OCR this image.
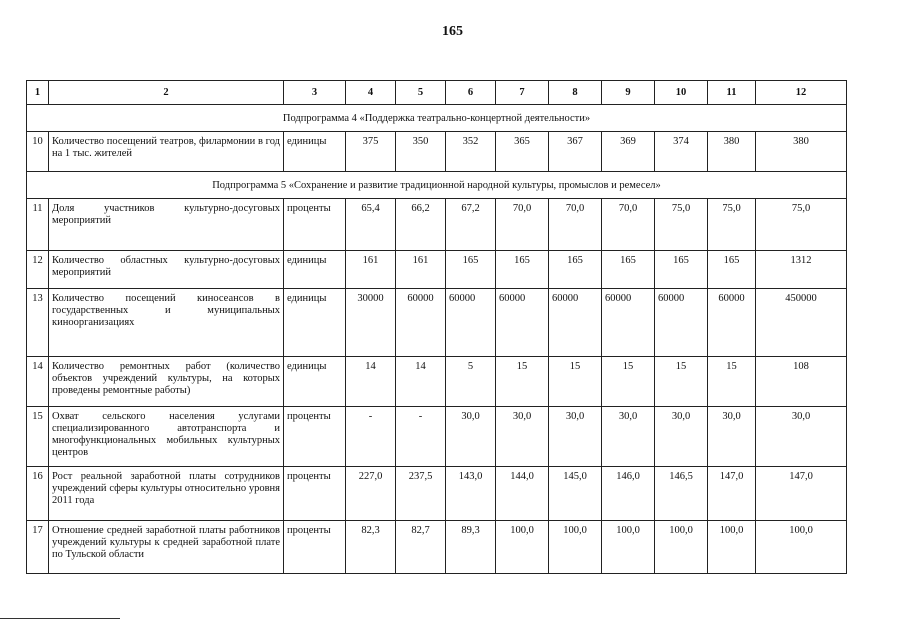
165
1	2	3	4	5	6	7	8	9	10	11	12
Подпрограмма 4 «Поддержка театрально-концертной деятельности»											
10	Количество посещений театров, филармонии в год на 1 тыс. жителей	единицы	375	350	352	365	367	369	374	380	380
Подпрограмма 5 «Сохранение и развитие традиционной народной культуры, промыслов и ремесел»											
11	Доля участников культурно-досуговых мероприятий	проценты	65,4	66,2	67,2	70,0	70,0	70,0	75,0	75,0	75,0
12	Количество областных культурно-досуговых мероприятий	единицы	161	161	165	165	165	165	165	165	1312
13	Количество посещений киносеансов в государственных и муниципальных киноорганизациях	единицы	30000	60000	60000	60000	60000	60000	60000	60000	450000
14	Количество ремонтных работ (количество объектов учреждений культуры, на которых проведены ремонтные работы)	единицы	14	14	5	15	15	15	15	15	108
15	Охват сельского населения услугами специализированного автотранспорта и многофункциональных мобильных культурных центров	проценты	-	-	30,0	30,0	30,0	30,0	30,0	30,0	30,0
16	Рост реальной заработной платы сотрудников учреждений сферы культуры относительно уровня 2011 года	проценты	227,0	237,5	143,0	144,0	145,0	146,0	146,5	147,0	147,0
17	Отношение средней заработной платы работников учреждений культуры к средней заработной плате по Тульской области	проценты	82,3	82,7	89,3	100,0	100,0	100,0	100,0	100,0	100,0
